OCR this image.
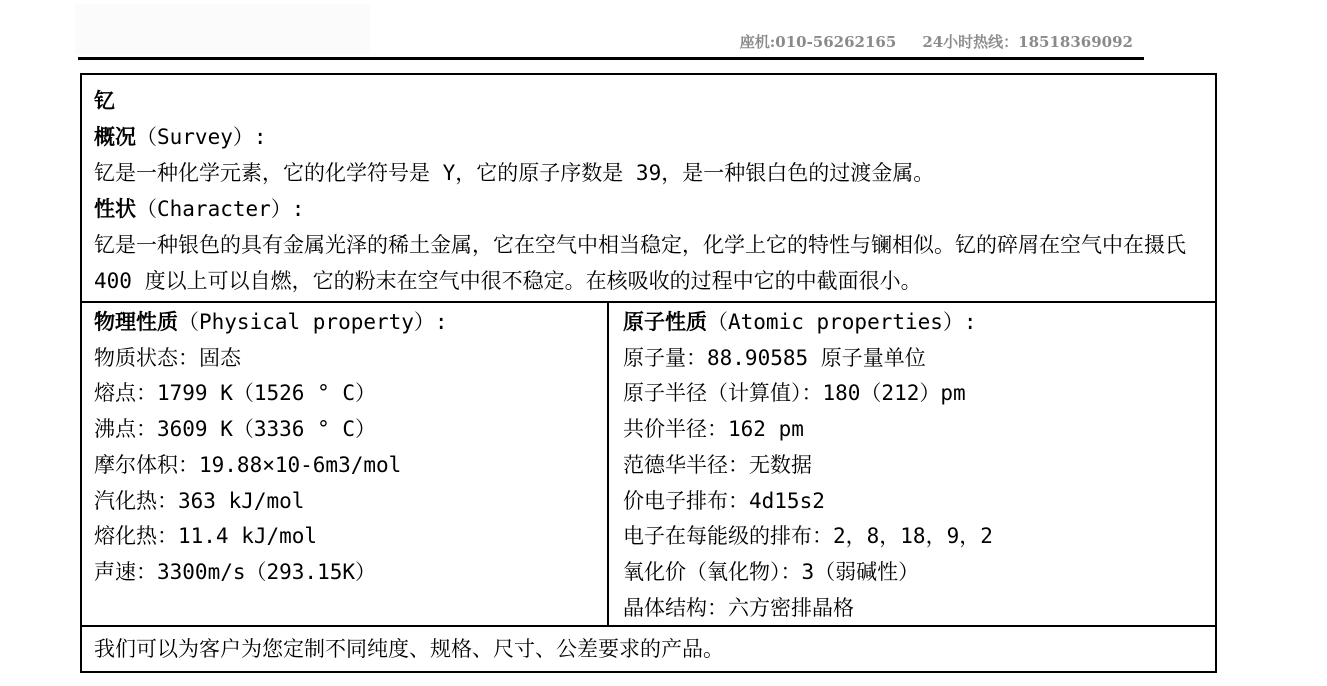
座机:010-56262165 24小时热线：18518369092
钇
概况（Survey）:
钇是一种化学元素，它的化学符号是 Y，它的原子序数是 39，是一种银白色的过渡金属。
性状（Character）:
钇是一种银色的具有金属光泽的稀土金属，它在空气中相当稳定，化学上它的特性与镧相似。钇的碎屑在空气中在摄氏 400 度以上可以自燃，它的粉末在空气中很不稳定。在核吸收的过程中它的中截面很小。
物理性质（Physical property）:
物质状态：固态
熔点：1799 K（1526 ° C）
沸点：3609 K（3336 ° C）
摩尔体积：19.88×10-6m3/mol
汽化热：363 kJ/mol
熔化热：11.4 kJ/mol
声速：3300m/s（293.15K）
原子性质（Atomic properties）:
原子量：88.90585 原子量单位
原子半径（计算值）：180（212）pm
共价半径：162 pm
范德华半径：无数据
价电子排布：4d15s2
电子在每能级的排布：2，8，18，9，2
氧化价（氧化物）：3（弱碱性）
晶体结构：六方密排晶格
我们可以为客户为您定制不同纯度、规格、尺寸、公差要求的产品。
